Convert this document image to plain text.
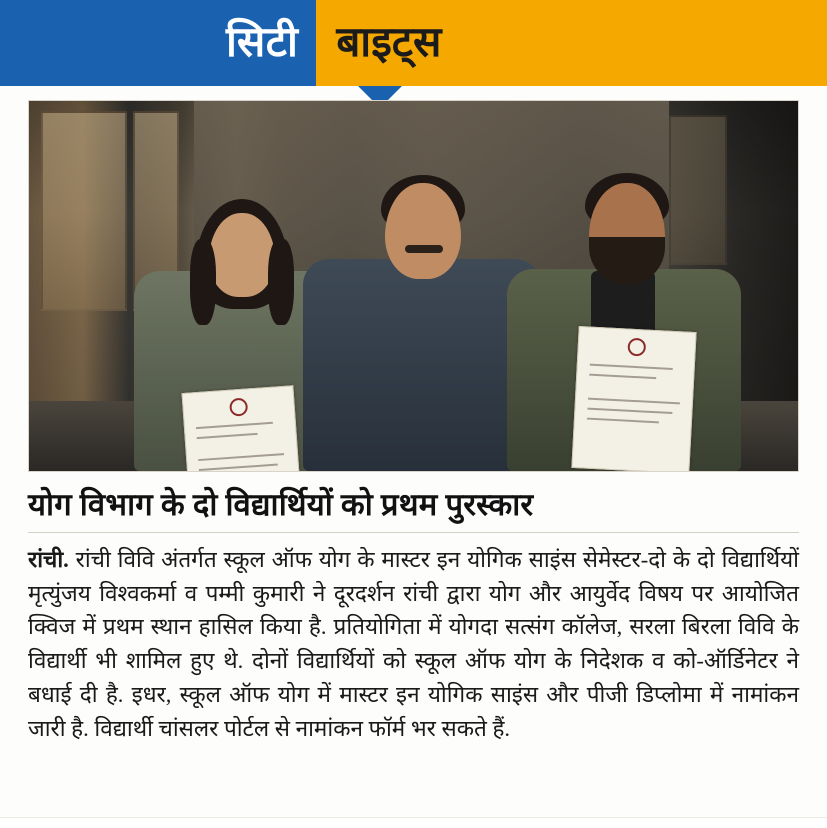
सिटी बाइट्स
योग विभाग के दो विद्यार्थियों को प्रथम पुरस्कार
रांची. रांची विवि अंतर्गत स्कूल ऑफ योग के मास्टर इन योगिक साइंस सेमेस्टर-दो के दो विद्यार्थियों मृत्युंजय विश्वकर्मा व पम्मी कुमारी ने दूरदर्शन रांची द्वारा योग और आयुर्वेद विषय पर आयोजित क्विज में प्रथम स्थान हासिल किया है. प्रतियोगिता में योगदा सत्संग कॉलेज, सरला बिरला विवि के विद्यार्थी भी शामिल हुए थे. दोनों विद्यार्थियों को स्कूल ऑफ योग के निदेशक व को-ऑर्डिनेटर ने बधाई दी है. इधर, स्कूल ऑफ योग में मास्टर इन योगिक साइंस और पीजी डिप्लोमा में नामांकन जारी है. विद्यार्थी चांसलर पोर्टल से नामांकन फॉर्म भर सकते हैं.
